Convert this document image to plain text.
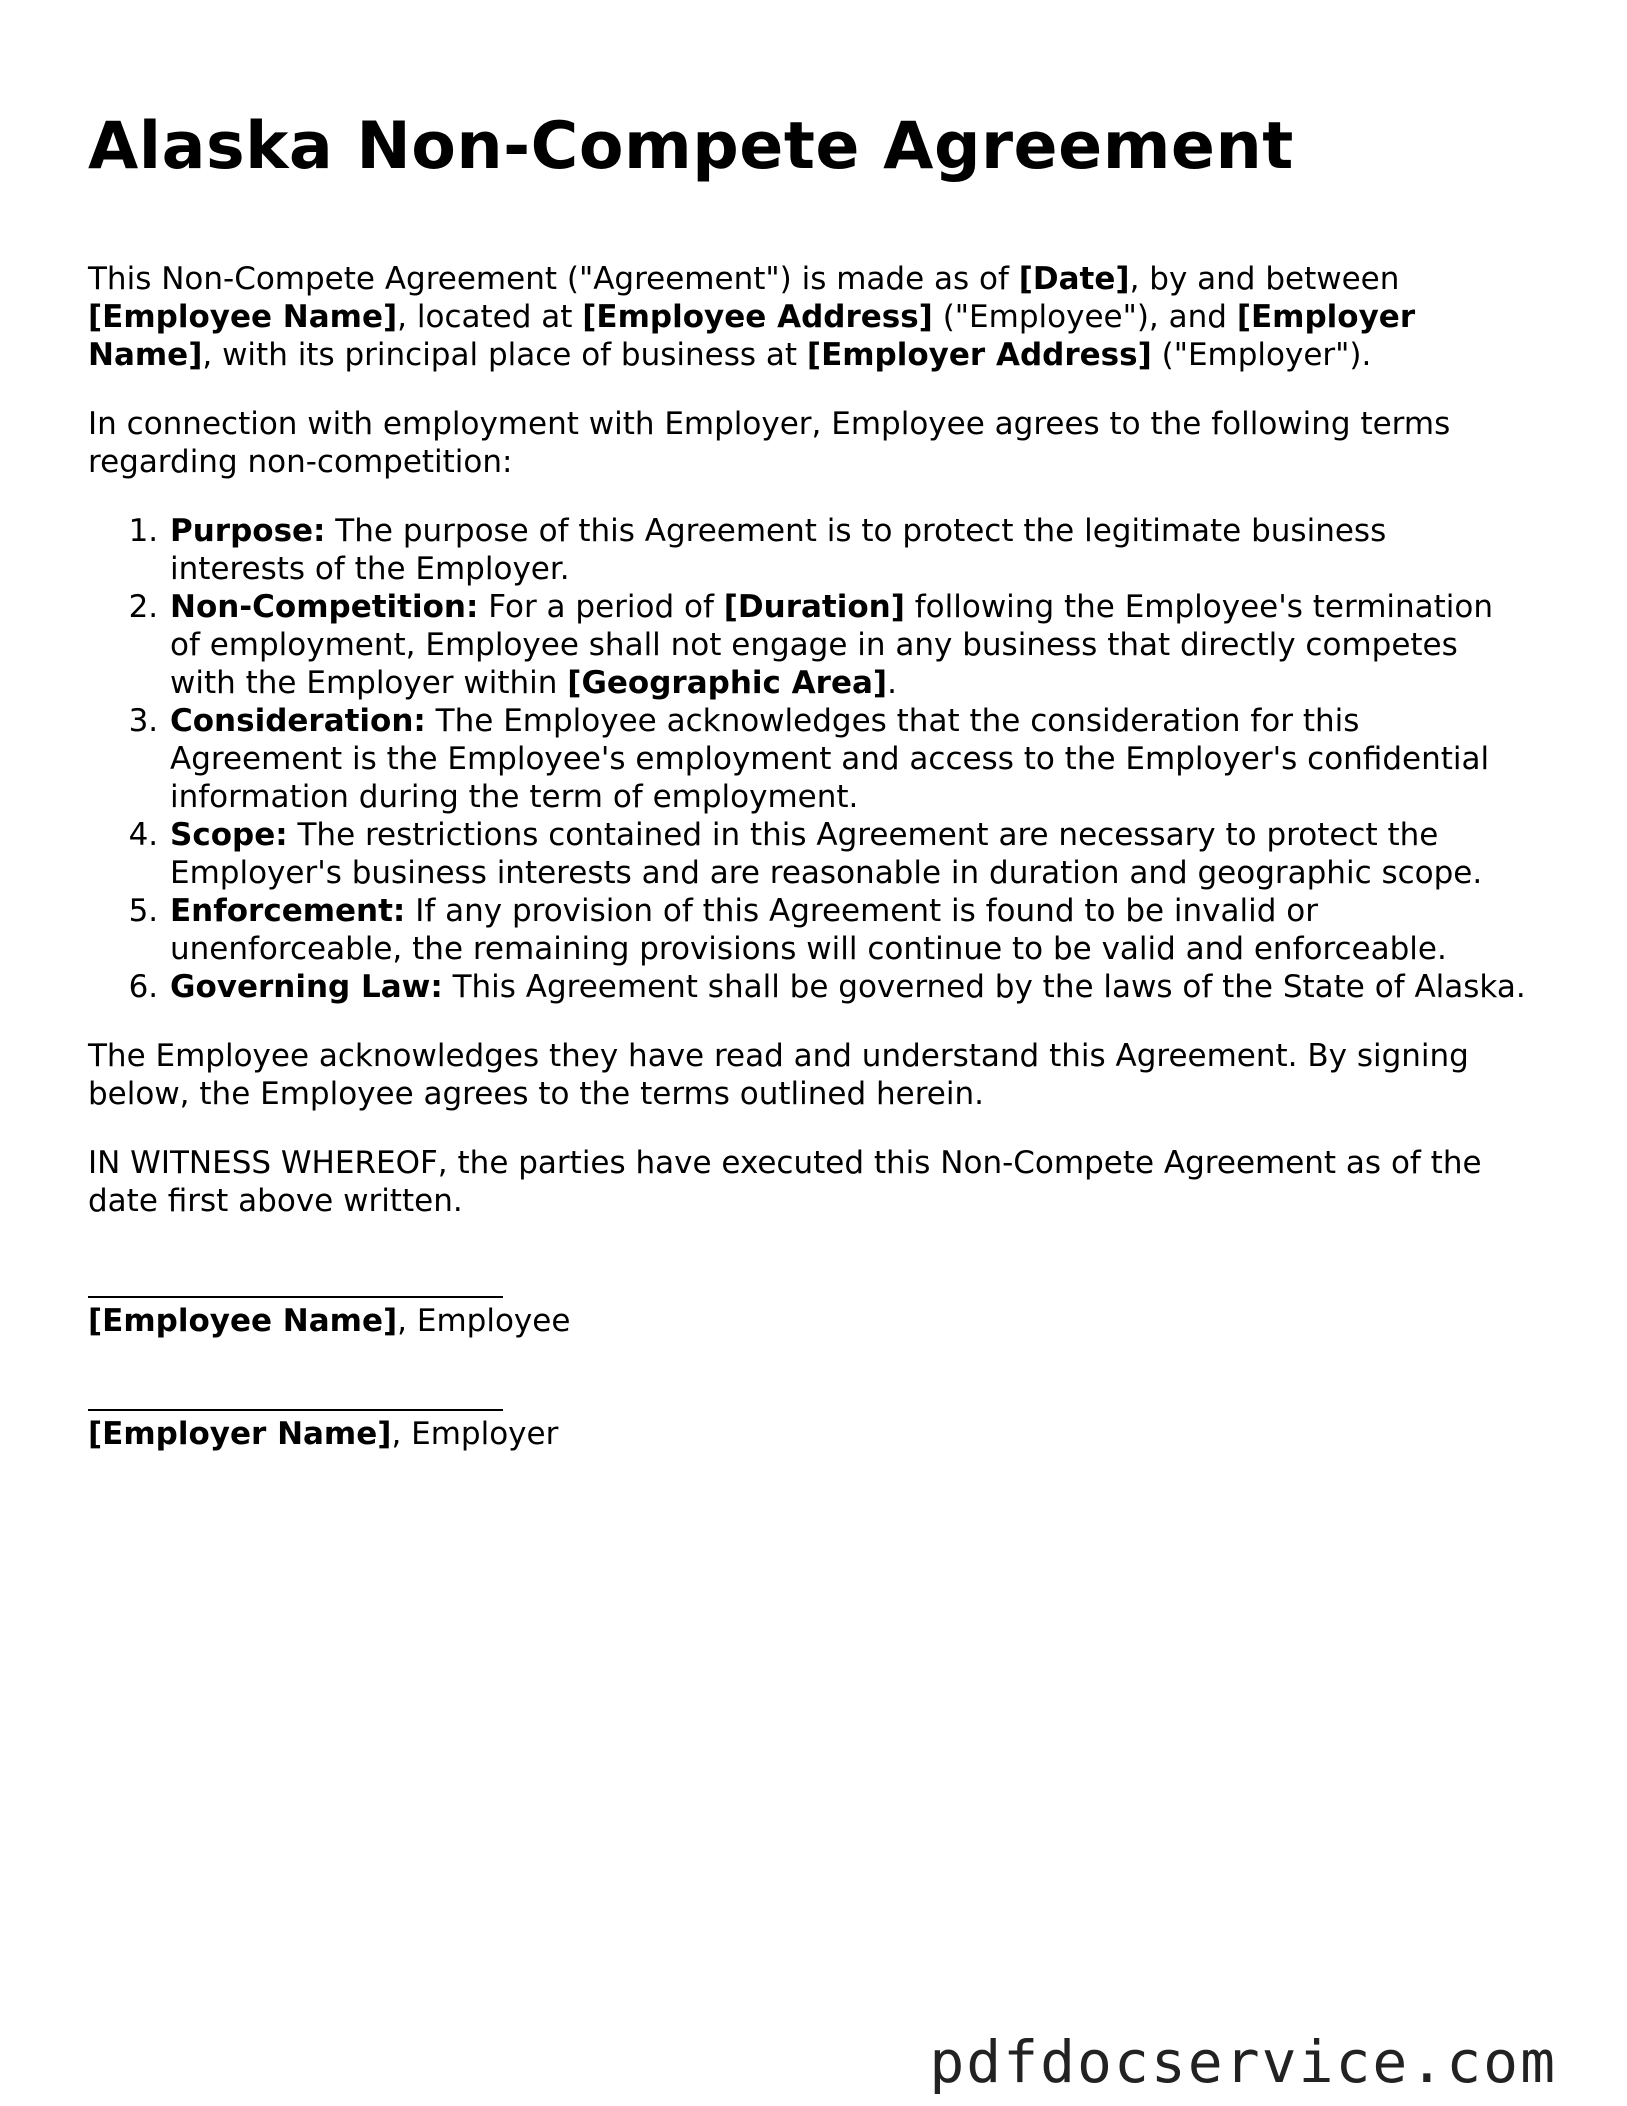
Alaska Non-Compete Agreement

This Non-Compete Agreement ("Agreement") is made as of [Date], by and between [Employee Name], located at [Employee Address] ("Employee"), and [Employer Name], with its principal place of business at [Employer Address] ("Employer").

In connection with employment with Employer, Employee agrees to the following terms regarding non-competition:

1. Purpose: The purpose of this Agreement is to protect the legitimate business interests of the Employer.
2. Non-Competition: For a period of [Duration] following the Employee's termination of employment, Employee shall not engage in any business that directly competes with the Employer within [Geographic Area].
3. Consideration: The Employee acknowledges that the consideration for this Agreement is the Employee's employment and access to the Employer's confidential information during the term of employment.
4. Scope: The restrictions contained in this Agreement are necessary to protect the Employer's business interests and are reasonable in duration and geographic scope.
5. Enforcement: If any provision of this Agreement is found to be invalid or unenforceable, the remaining provisions will continue to be valid and enforceable.
6. Governing Law: This Agreement shall be governed by the laws of the State of Alaska.

The Employee acknowledges they have read and understand this Agreement. By signing below, the Employee agrees to the terms outlined herein.

IN WITNESS WHEREOF, the parties have executed this Non-Compete Agreement as of the date first above written.

[Employee Name], Employee
[Employer Name], Employer
pdfdocservice.com
